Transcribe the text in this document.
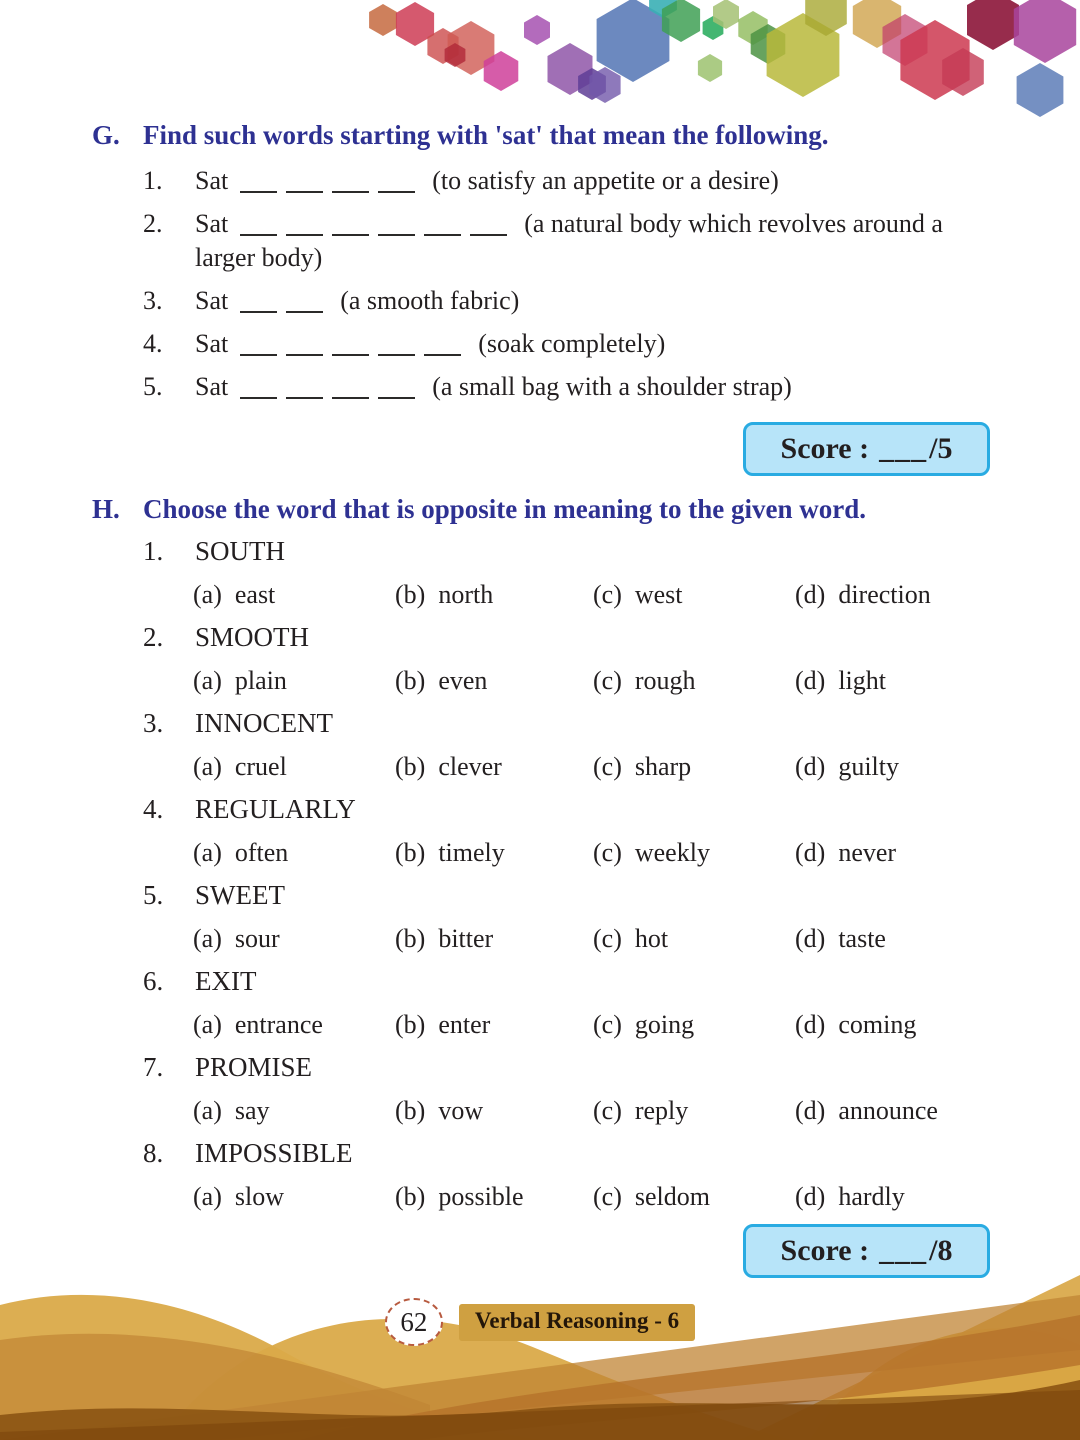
G. Find such words starting with 'sat' that mean the following.
1. Sat	(to satisfy an appetite or a desire)
2. Sat	(a natural body which revolves around a larger body)
3. Sat	(a smooth fabric)
4. Sat	(soak completely)
5. Sat	(a small bag with a shoulder strap)
Score : ___ /5
H. Choose the word that is opposite in meaning to the given word.
1. SOUTH
(a) east	(b) north	(c) west	(d) direction
2. SMOOTH
(a) plain	(b) even	(c) rough	(d) light
3. INNOCENT
(a) cruel	(b) clever	(c) sharp	(d) guilty
4. REGULARLY
(a) often	(b) timely	(c) weekly	(d) never
5. SWEET
(a) sour	(b) bitter	(c) hot	(d) taste
6. EXIT
(a) entrance	(b) enter	(c) going	(d) coming
7. PROMISE
(a) say	(b) vow	(c) reply	(d) announce
8. IMPOSSIBLE
(a) slow	(b) possible	(c) seldom	(d) hardly
Score : ___ /8
62	Verbal Reasoning - 6
